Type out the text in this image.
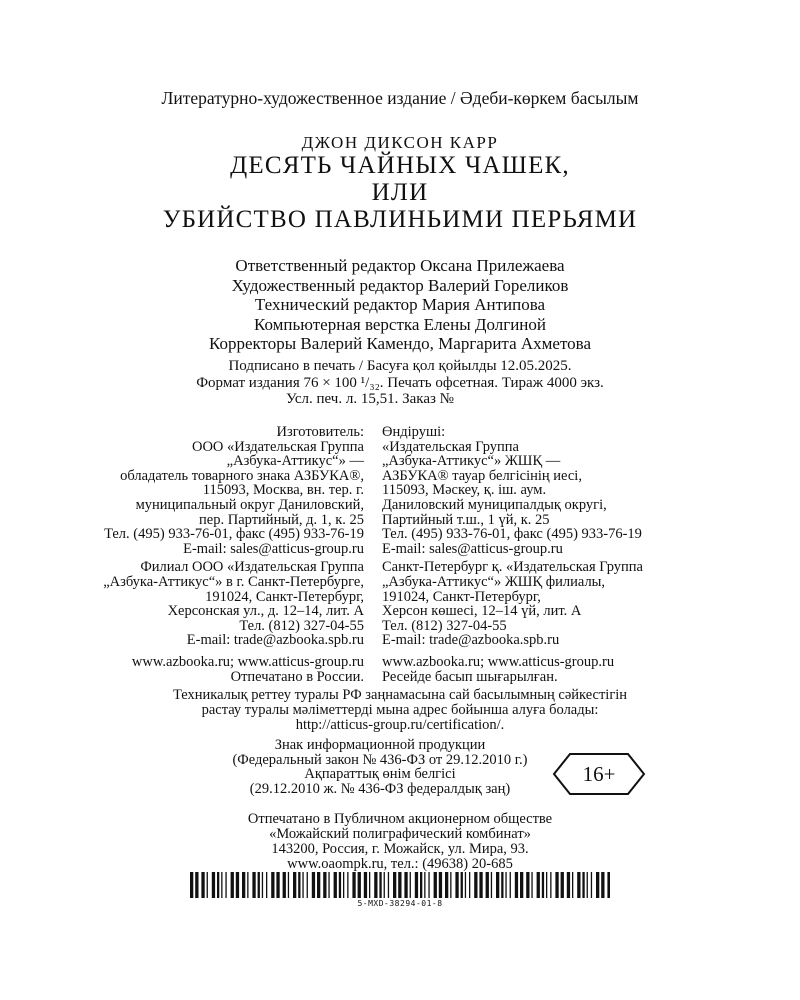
Литературно-художественное издание / Әдеби-көркем басылым
ДЖОН ДИКСОН КАРР
ДЕСЯТЬ ЧАЙНЫХ ЧАШЕК,
ИЛИ
УБИЙСТВО ПАВЛИНЬИМИ ПЕРЬЯМИ
Ответственный редактор Оксана Прилежаева
Художественный редактор Валерий Гореликов
Технический редактор Мария Антипова
Компьютерная верстка Елены Долгиной
Корректоры Валерий Камендо, Маргарита Ахметова
Подписано в печать / Басуға қол қойылды 12.05.2025.
Формат издания 76 × 100 ¹/₃₂. Печать офсетная. Тираж 4000 экз.
Усл. печ. л. 15,51. Заказ №
Изготовитель:
ООО «Издательская Группа
„Азбука-Аттикус“» —
обладатель товарного знака АЗБУКА®,
115093, Москва, вн. тер. г.
муниципальный округ Даниловский,
пер. Партийный, д. 1, к. 25
Тел. (495) 933-76-01, факс (495) 933-76-19
E-mail: sales@atticus-group.ru
Өндіруші:
«Издательская Группа
„Азбука-Аттикус“» ЖШҚ —
АЗБУКА® тауар белгісінің иесі,
115093, Мәскеу, қ. іш. аум.
Даниловский муниципалдық округі,
Партийный т.ш., 1 үй, к. 25
Тел. (495) 933-76-01, факс (495) 933-76-19
E-mail: sales@atticus-group.ru
Филиал ООО «Издательская Группа
„Азбука-Аттикус“» в г. Санкт-Петербурге,
191024, Санкт-Петербург,
Херсонская ул., д. 12–14, лит. А
Тел. (812) 327-04-55
E-mail: trade@azbooka.spb.ru
Санкт-Петербург қ. «Издательская Группа
„Азбука-Аттикус“» ЖШҚ филиалы,
191024, Санкт-Петербург,
Херсон көшесі, 12–14 үй, лит. А
Тел. (812) 327-04-55
E-mail: trade@azbooka.spb.ru
www.azbooka.ru; www.atticus-group.ru
Отпечатано в России.
www.azbooka.ru; www.atticus-group.ru
Ресейде басып шығарылған.
Техникалық реттеу туралы РФ заңнамасына сай басылымның сәйкестігін
растау туралы мәліметтерді мына адрес бойынша алуға болады:
http://atticus-group.ru/certification/.
Знак информационной продукции
(Федеральный закон № 436-ФЗ от 29.12.2010 г.)
Ақпараттық өнім белгісі
(29.12.2010 ж. № 436-ФЗ федералдық заң)
16+
Отпечатано в Публичном акционерном обществе
«Можайский полиграфический комбинат»
143200, Россия, г. Можайск, ул. Мира, 93.
www.oaompk.ru, тел.: (49638) 20-685
5-MXD-38294-01-8
